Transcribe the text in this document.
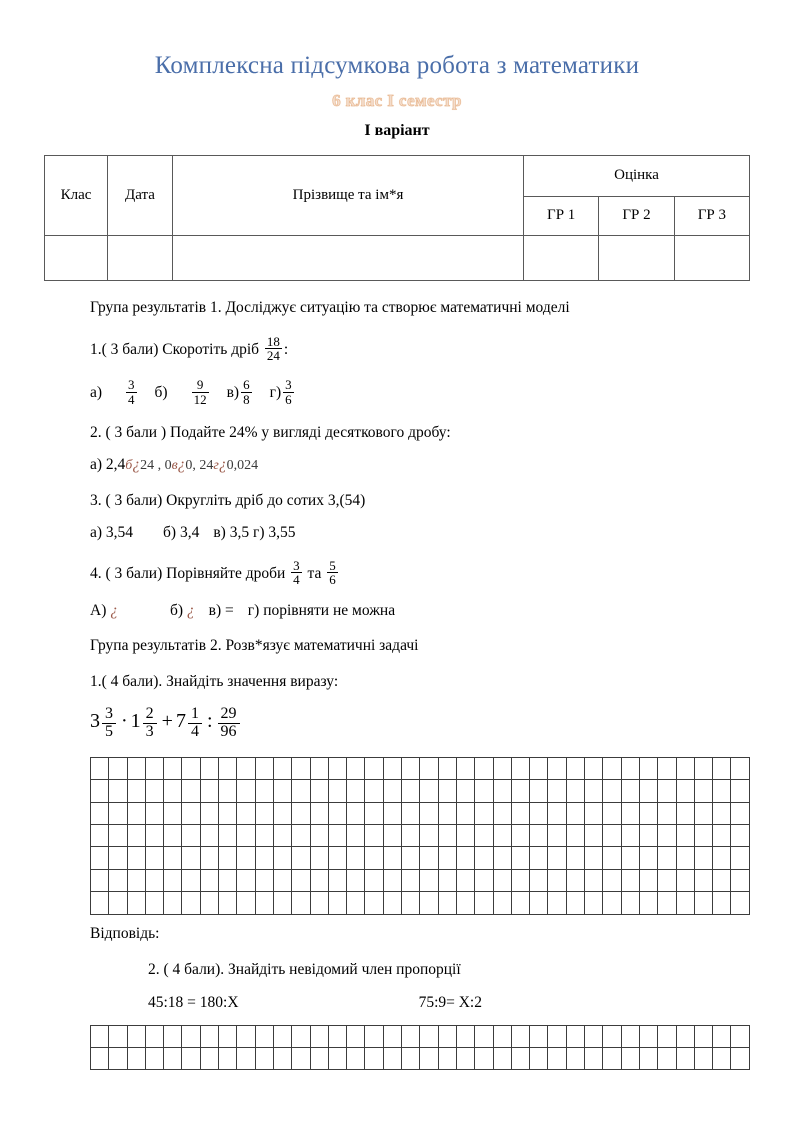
Комплексна підсумкова робота з математики
6 клас І семестр
І варіант
Клас	Дата	Прізвище та ім*я	Оцінка		
			ГР 1	ГР 2	ГР 3

Група результатів 1. Досліджує ситуацію та створює математичні моделі
1.( 3 бали) Скоротіть дріб $\frac{18}{24}$ :
$а) \frac{3}{4} б) \frac{9}{12} в) \frac{6}{8} г) \frac{3}{6}$
2. ( 3 бали ) Подайте 24% у вигляді десяткового дробу:
а) 2,4б¿24 , 0в¿0, 24г¿0,024
3. ( 3 бали) Округліть дріб до сотих 3,(54)
а) 3,54 б) 3,4 в) 3,5 г) 3,55
4. ( 3 бали) Порівняйте дроби $\frac{3}{4}$ та $\frac{5}{6}$
А) ¿	б) ¿ в) = г) порівняти не можна
Група результатів 2. Розв*язує математичні задачі
1.( 4 бали). Знайдіть значення виразу:
$3 \frac{3}{5} \cdot 1 \frac{2}{3} + 7 \frac{1}{4}$ : $\frac{29}{96}$

Відповідь:
2. ( 4 бали). Знайдіть невідомий член пропорції
45:18 = 180:Х	75:9= Х:2
